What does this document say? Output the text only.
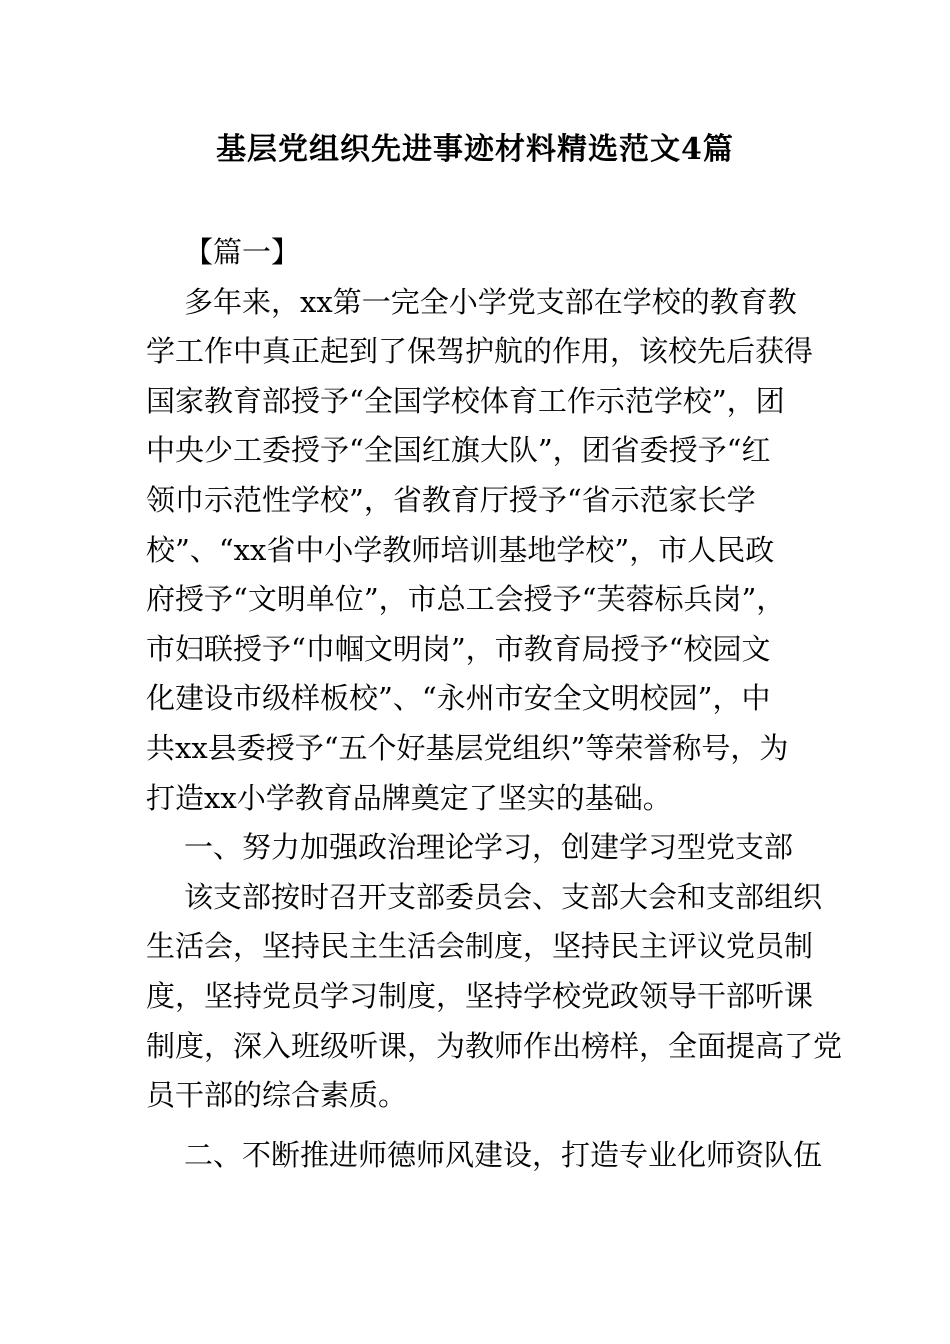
基层党组织先进事迹材料精选范文4篇
【篇一】
多年来，xx第一完全小学党支部在学校的教育教
学工作中真正起到了保驾护航的作用，该校先后获得
国家教育部授予“全国学校体育工作示范学校”，团
中央少工委授予“全国红旗大队”，团省委授予“红
领巾示范性学校”，省教育厅授予“省示范家长学
校”、“xx省中小学教师培训基地学校”，市人民政
府授予“文明单位”，市总工会授予“芙蓉标兵岗”，
市妇联授予“巾帼文明岗”，市教育局授予“校园文
化建设市级样板校”、“永州市安全文明校园”，中
共xx县委授予“五个好基层党组织”等荣誉称号，为
打造xx小学教育品牌奠定了坚实的基础。
一、努力加强政治理论学习，创建学习型党支部
该支部按时召开支部委员会、支部大会和支部组织
生活会，坚持民主生活会制度，坚持民主评议党员制
度，坚持党员学习制度，坚持学校党政领导干部听课
制度，深入班级听课，为教师作出榜样，全面提高了党
员干部的综合素质。
二、不断推进师德师风建设，打造专业化师资队伍
